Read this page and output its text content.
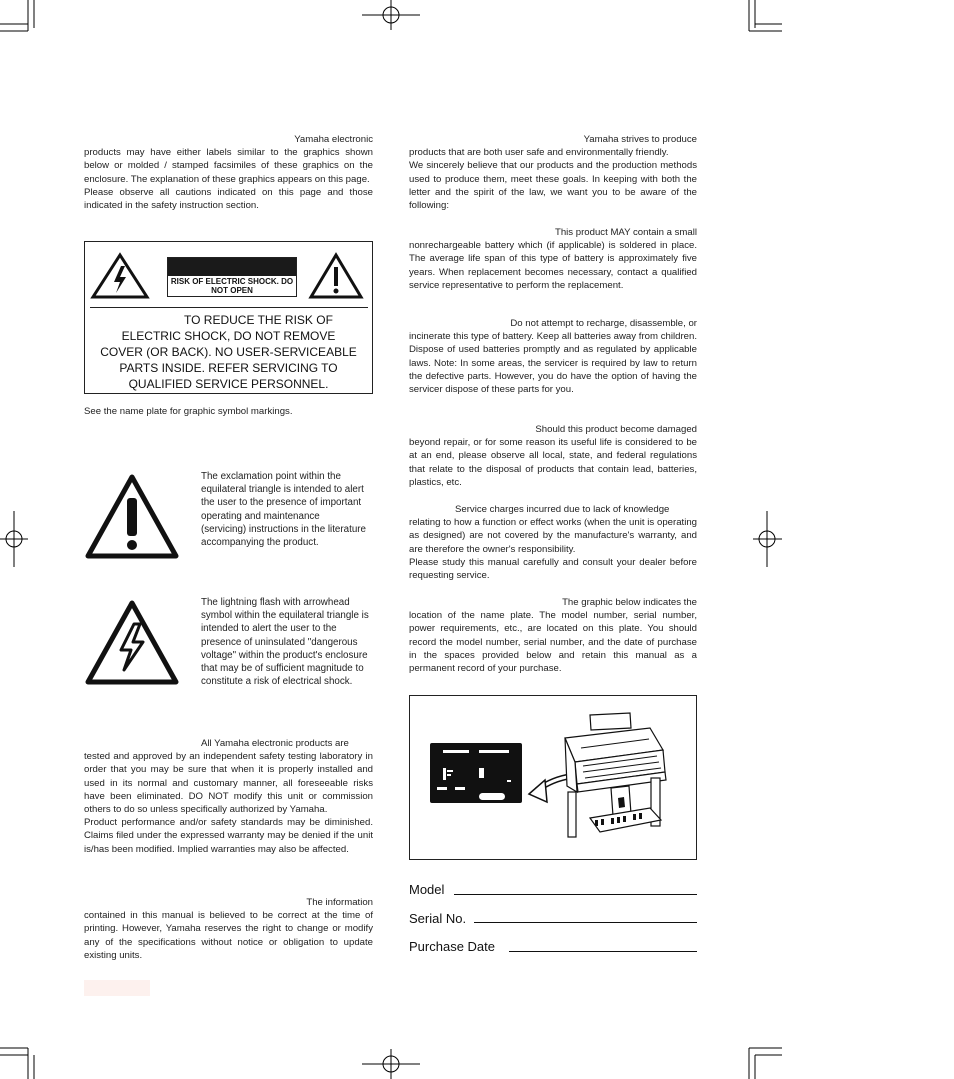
Yamaha electronic

products may have either labels similar to the graphics shown below or molded / stamped facsimiles of these graphics on the enclosure. The explanation of these graphics appears on this page.

Please observe all cautions indicated on this page and those indicated in the safety instruction section.

RISK OF ELECTRIC SHOCK. DO NOT OPEN
TO REDUCE THE RISK OF
ELECTRIC SHOCK, DO NOT REMOVE
COVER (OR BACK). NO USER-SERVICEABLE
PARTS INSIDE. REFER SERVICING TO
QUALIFIED SERVICE PERSONNEL.

See the name plate for graphic symbol markings.

The exclamation point within the equilateral triangle is intended to alert the user to the presence of important operating and maintenance (servicing) instructions in the literature accompanying the product.

The lightning flash with arrowhead symbol within the equilateral triangle is intended to alert the user to the presence of uninsulated "dangerous voltage" within the product's enclosure that may be of sufficient magnitude to constitute a risk of electrical shock.

All Yamaha electronic products are

tested and approved by an independent safety testing laboratory in order that you may be sure that when it is properly installed and used in its normal and customary manner, all foreseeable risks have been eliminated. DO NOT modify this unit or commission others to do so unless specifically authorized by Yamaha.

Product performance and/or safety standards may be diminished. Claims filed under the expressed warranty may be denied if the unit is/has been modified. Implied warranties may also be affected.

The information

contained in this manual is believed to be correct at the time of printing. However, Yamaha reserves the right to change or modify any of the specifications without notice or obligation to update existing units.

Yamaha strives to produce

products that are both user safe and environmentally friendly.

We sincerely believe that our products and the production methods used to produce them, meet these goals. In keeping with both the letter and the spirit of the law, we want you to be aware of the following:

This product MAY contain a small

nonrechargeable battery which (if applicable) is soldered in place. The average life span of this type of battery is approximately five years. When replacement becomes necessary, contact a qualified service representative to perform the replacement.

Do not attempt to recharge, disassemble, or

incinerate this type of battery. Keep all batteries away from children. Dispose of used batteries promptly and as regulated by applicable laws. Note: In some areas, the servicer is required by law to return the defective parts. However, you do have the option of having the servicer dispose of these parts for you.

Should this product become damaged

beyond repair, or for some reason its useful life is considered to be at an end, please observe all local, state, and federal regulations that relate to the disposal of products that contain lead, batteries, plastics, etc.

Service charges incurred due to lack of knowledge

relating to how a function or effect works (when the unit is operating as designed) are not covered by the manufacture's warranty, and are therefore the owner's responsibility.

Please study this manual carefully and consult your dealer before requesting service.

The graphic below indicates the

location of the name plate. The model number, serial number, power requirements, etc., are located on this plate. You should record the model number, serial number, and the date of purchase in the spaces provided below and retain this manual as a permanent record of your purchase.

Model
Serial No.
Purchase Date
